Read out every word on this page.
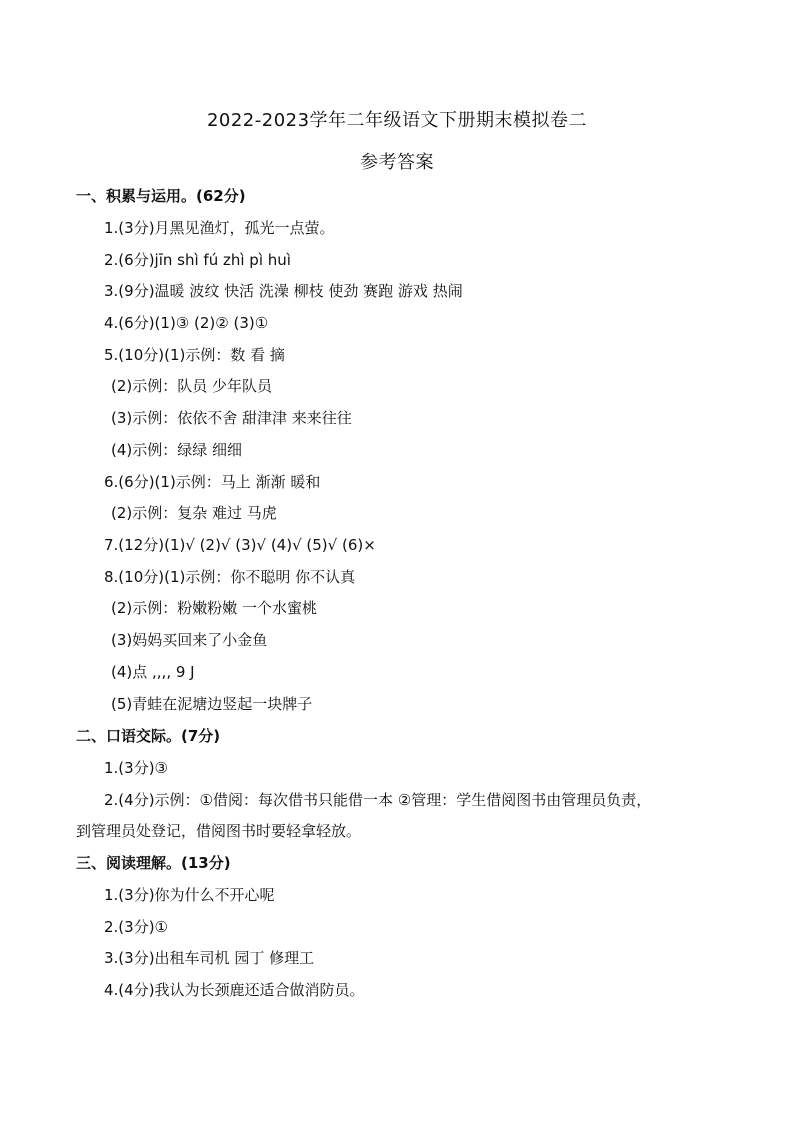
2022-2023学年二年级语文下册期末模拟卷二
参考答案
一、积累与运用。(62分)
1.(3分)月黑见渔灯，孤光一点萤。
2.(6分)jīn shì fú zhì pì huì
3.(9分)温暖 波纹 快活 洗澡 柳枝 使劲 赛跑 游戏 热闹
4.(6分)(1)③ (2)② (3)①
5.(10分)(1)示例：数 看 摘
(2)示例：队员 少年队员
(3)示例：依依不舍 甜津津 来来往往
(4)示例：绿绿 细细
6.(6分)(1)示例：马上 渐渐 暖和
(2)示例：复杂 难过 马虎
7.(12分)(1)√ (2)√ (3)√ (4)√ (5)√ (6)×
8.(10分)(1)示例：你不聪明 你不认真
(2)示例：粉嫩粉嫩 一个水蜜桃
(3)妈妈买回来了小金鱼
(4)点 ,,,, 9 J
(5)青蛙在泥塘边竖起一块牌子
二、口语交际。(7分)
1.(3分)③
2.(4分)示例：①借阅：每次借书只能借一本 ②管理：学生借阅图书由管理员负责，
到管理员处登记，借阅图书时要轻拿轻放。
三、阅读理解。(13分)
1.(3分)你为什么不开心呢
2.(3分)①
3.(3分)出租车司机 园丁 修理工
4.(4分)我认为长颈鹿还适合做消防员。
